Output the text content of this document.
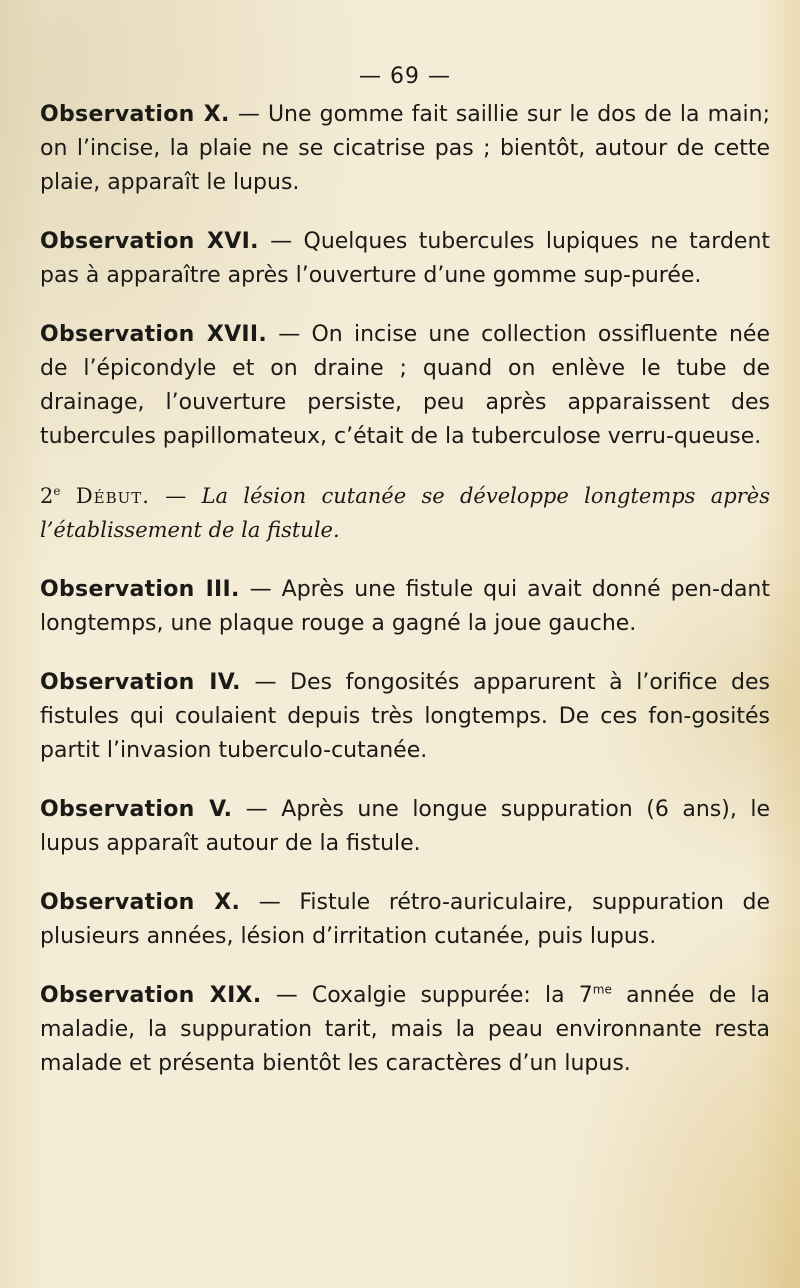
— 69 —

Observation X. — Une gomme fait saillie sur le dos de la main; on l’incise, la plaie ne se cicatrise pas ; bientôt, autour de cette plaie, apparaît le lupus.

Observation XVI. — Quelques tubercules lupiques ne tardent pas à apparaître après l’ouverture d’une gomme sup-purée.

Observation XVII. — On incise une collection ossifluente née de l’épicondyle et on draine ; quand on enlève le tube de drainage, l’ouverture persiste, peu après apparaissent des tubercules papillomateux, c’était de la tuberculose verru-queuse.

2e Début. — La lésion cutanée se développe longtemps après l’établissement de la fistule.

Observation III. — Après une fistule qui avait donné pen-dant longtemps, une plaque rouge a gagné la joue gauche.

Observation IV. — Des fongosités apparurent à l’orifice des fistules qui coulaient depuis très longtemps. De ces fon-gosités partit l’invasion tuberculo-cutanée.

Observation V. — Après une longue suppuration (6 ans), le lupus apparaît autour de la fistule.

Observation X. — Fistule rétro-auriculaire, suppuration de plusieurs années, lésion d’irritation cutanée, puis lupus.

Observation XIX. — Coxalgie suppurée: la $7^{me}$ année de la maladie, la suppuration tarit, mais la peau environnante resta malade et présenta bientôt les caractères d’un lupus.
